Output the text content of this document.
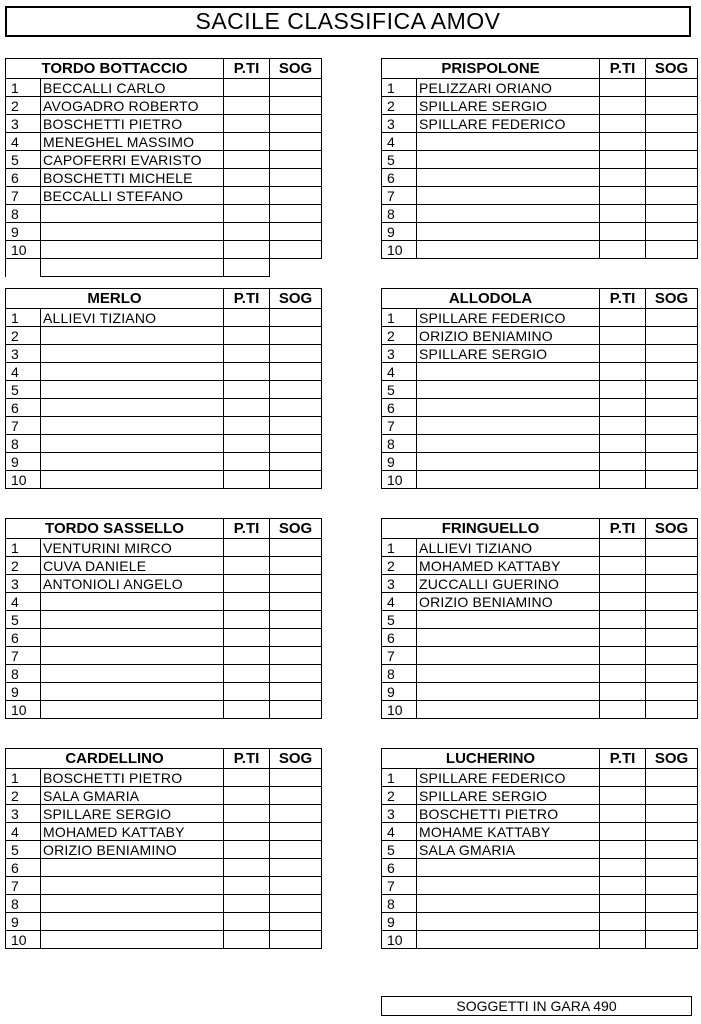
SACILE CLASSIFICA AMOV
TORDO BOTTACCIO		P.TI	SOG
1	BECCALLI CARLO		
2	AVOGADRO ROBERTO		
3	BOSCHETTI PIETRO		
4	MENEGHEL MASSIMO		
5	CAPOFERRI EVARISTO		
6	BOSCHETTI MICHELE		
7	BECCALLI STEFANO		
8			
9			
10			

PRISPOLONE		P.TI	SOG
1	PELIZZARI ORIANO		
2	SPILLARE SERGIO		
3	SPILLARE FEDERICO		
4			
5			
6			
7			
8			
9			
10			
MERLO		P.TI	SOG
1	ALLIEVI TIZIANO		
2			
3			
4			
5			
6			
7			
8			
9			
10			
ALLODOLA		P.TI	SOG
1	SPILLARE FEDERICO		
2	ORIZIO BENIAMINO		
3	SPILLARE SERGIO		
4			
5			
6			
7			
8			
9			
10			
TORDO SASSELLO		P.TI	SOG
1	VENTURINI MIRCO		
2	CUVA DANIELE		
3	ANTONIOLI ANGELO		
4			
5			
6			
7			
8			
9			
10			
FRINGUELLO		P.TI	SOG
1	ALLIEVI TIZIANO		
2	MOHAMED KATTABY		
3	ZUCCALLI GUERINO		
4	ORIZIO BENIAMINO		
5			
6			
7			
8			
9			
10			
CARDELLINO		P.TI	SOG
1	BOSCHETTI PIETRO		
2	SALA GMARIA		
3	SPILLARE SERGIO		
4	MOHAMED KATTABY		
5	ORIZIO BENIAMINO		
6			
7			
8			
9			
10			
LUCHERINO		P.TI	SOG
1	SPILLARE FEDERICO		
2	SPILLARE SERGIO		
3	BOSCHETTI PIETRO		
4	MOHAME KATTABY		
5	SALA GMARIA		
6			
7			
8			
9			
10			
SOGGETTI IN GARA 490
